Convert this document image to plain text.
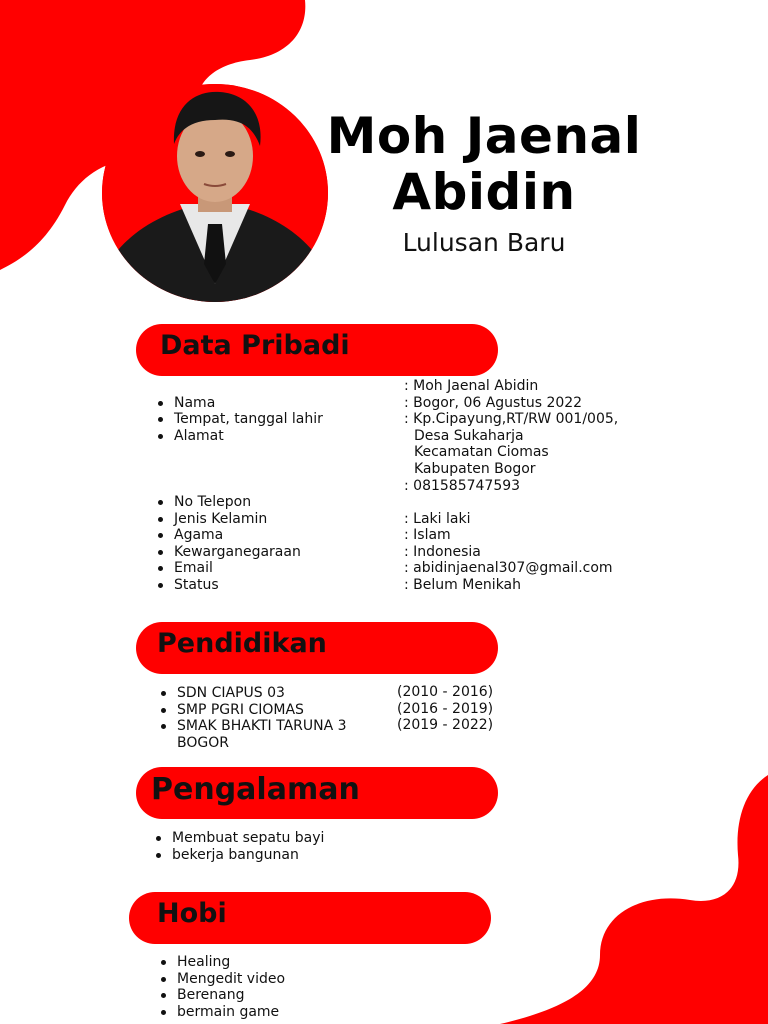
Moh Jaenal
Abidin
Lulusan Baru
Data Pribadi
Nama
Tempat, tanggal lahir
Alamat
No Telepon
Jenis Kelamin
Agama
Kewarganegaraan
Email
Status
: Moh Jaenal Abidin
: Bogor, 06 Agustus 2022
: Kp.Cipayung,RT/RW 001/005,
Desa Sukaharja
Kecamatan Ciomas
Kabupaten Bogor
: 081585747593
: Laki laki
: Islam
: Indonesia
: abidinjaenal307@gmail.com
: Belum Menikah
Pendidikan
SDN CIAPUS 03
SMP PGRI CIOMAS
SMAK BHAKTI TARUNA 3
BOGOR
(2010 - 2016)
(2016 - 2019)
(2019 - 2022)
Pengalaman
Membuat sepatu bayi
bekerja bangunan
Hobi
Healing
Mengedit video
Berenang
bermain game
